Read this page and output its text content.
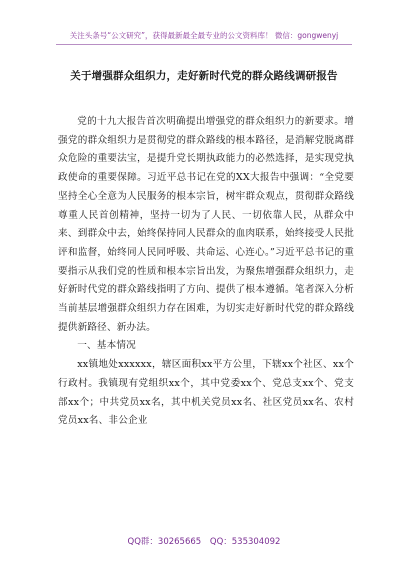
关注头条号“公文研究”，获得最新最全最专业的公文资料库！ 微信：gongwenyj
关于增强群众组织力，走好新时代党的群众路线调研报告

党的十九大报告首次明确提出增强党的群众组织力的新要求。增强党的群众组织力是贯彻党的群众路线的根本路径，是消解党脱离群众危险的重要法宝，是提升党长期执政能力的必然选择，是实现党执政使命的重要保障。习近平总书记在党的XX大报告中强调：“全党要坚持全心全意为人民服务的根本宗旨，树牢群众观点，贯彻群众路线尊重人民首创精神，坚持一切为了人民、一切依靠人民，从群众中来、到群众中去，始终保持同人民群众的血肉联系，始终接受人民批评和监督，始终同人民同呼吸、共命运、心连心。”习近平总书记的重要指示从我们党的性质和根本宗旨出发，为聚焦增强群众组织力，走好新时代党的群众路线指明了方向、提供了根本遵循。笔者深入分析当前基层增强群众组织力存在困难，为切实走好新时代党的群众路线提供新路径、新办法。

一、基本情况

xx镇地处xxxxxx，辖区面积xx平方公里，下辖xx个社区、xx个行政村。我镇现有党组织xx个，其中党委xx个、党总支xx个、党支部xx个；中共党员xx名，其中机关党员xx名、社区党员xx名、农村党员xx名、非公企业

QQ群：30265665 QQ：535304092
